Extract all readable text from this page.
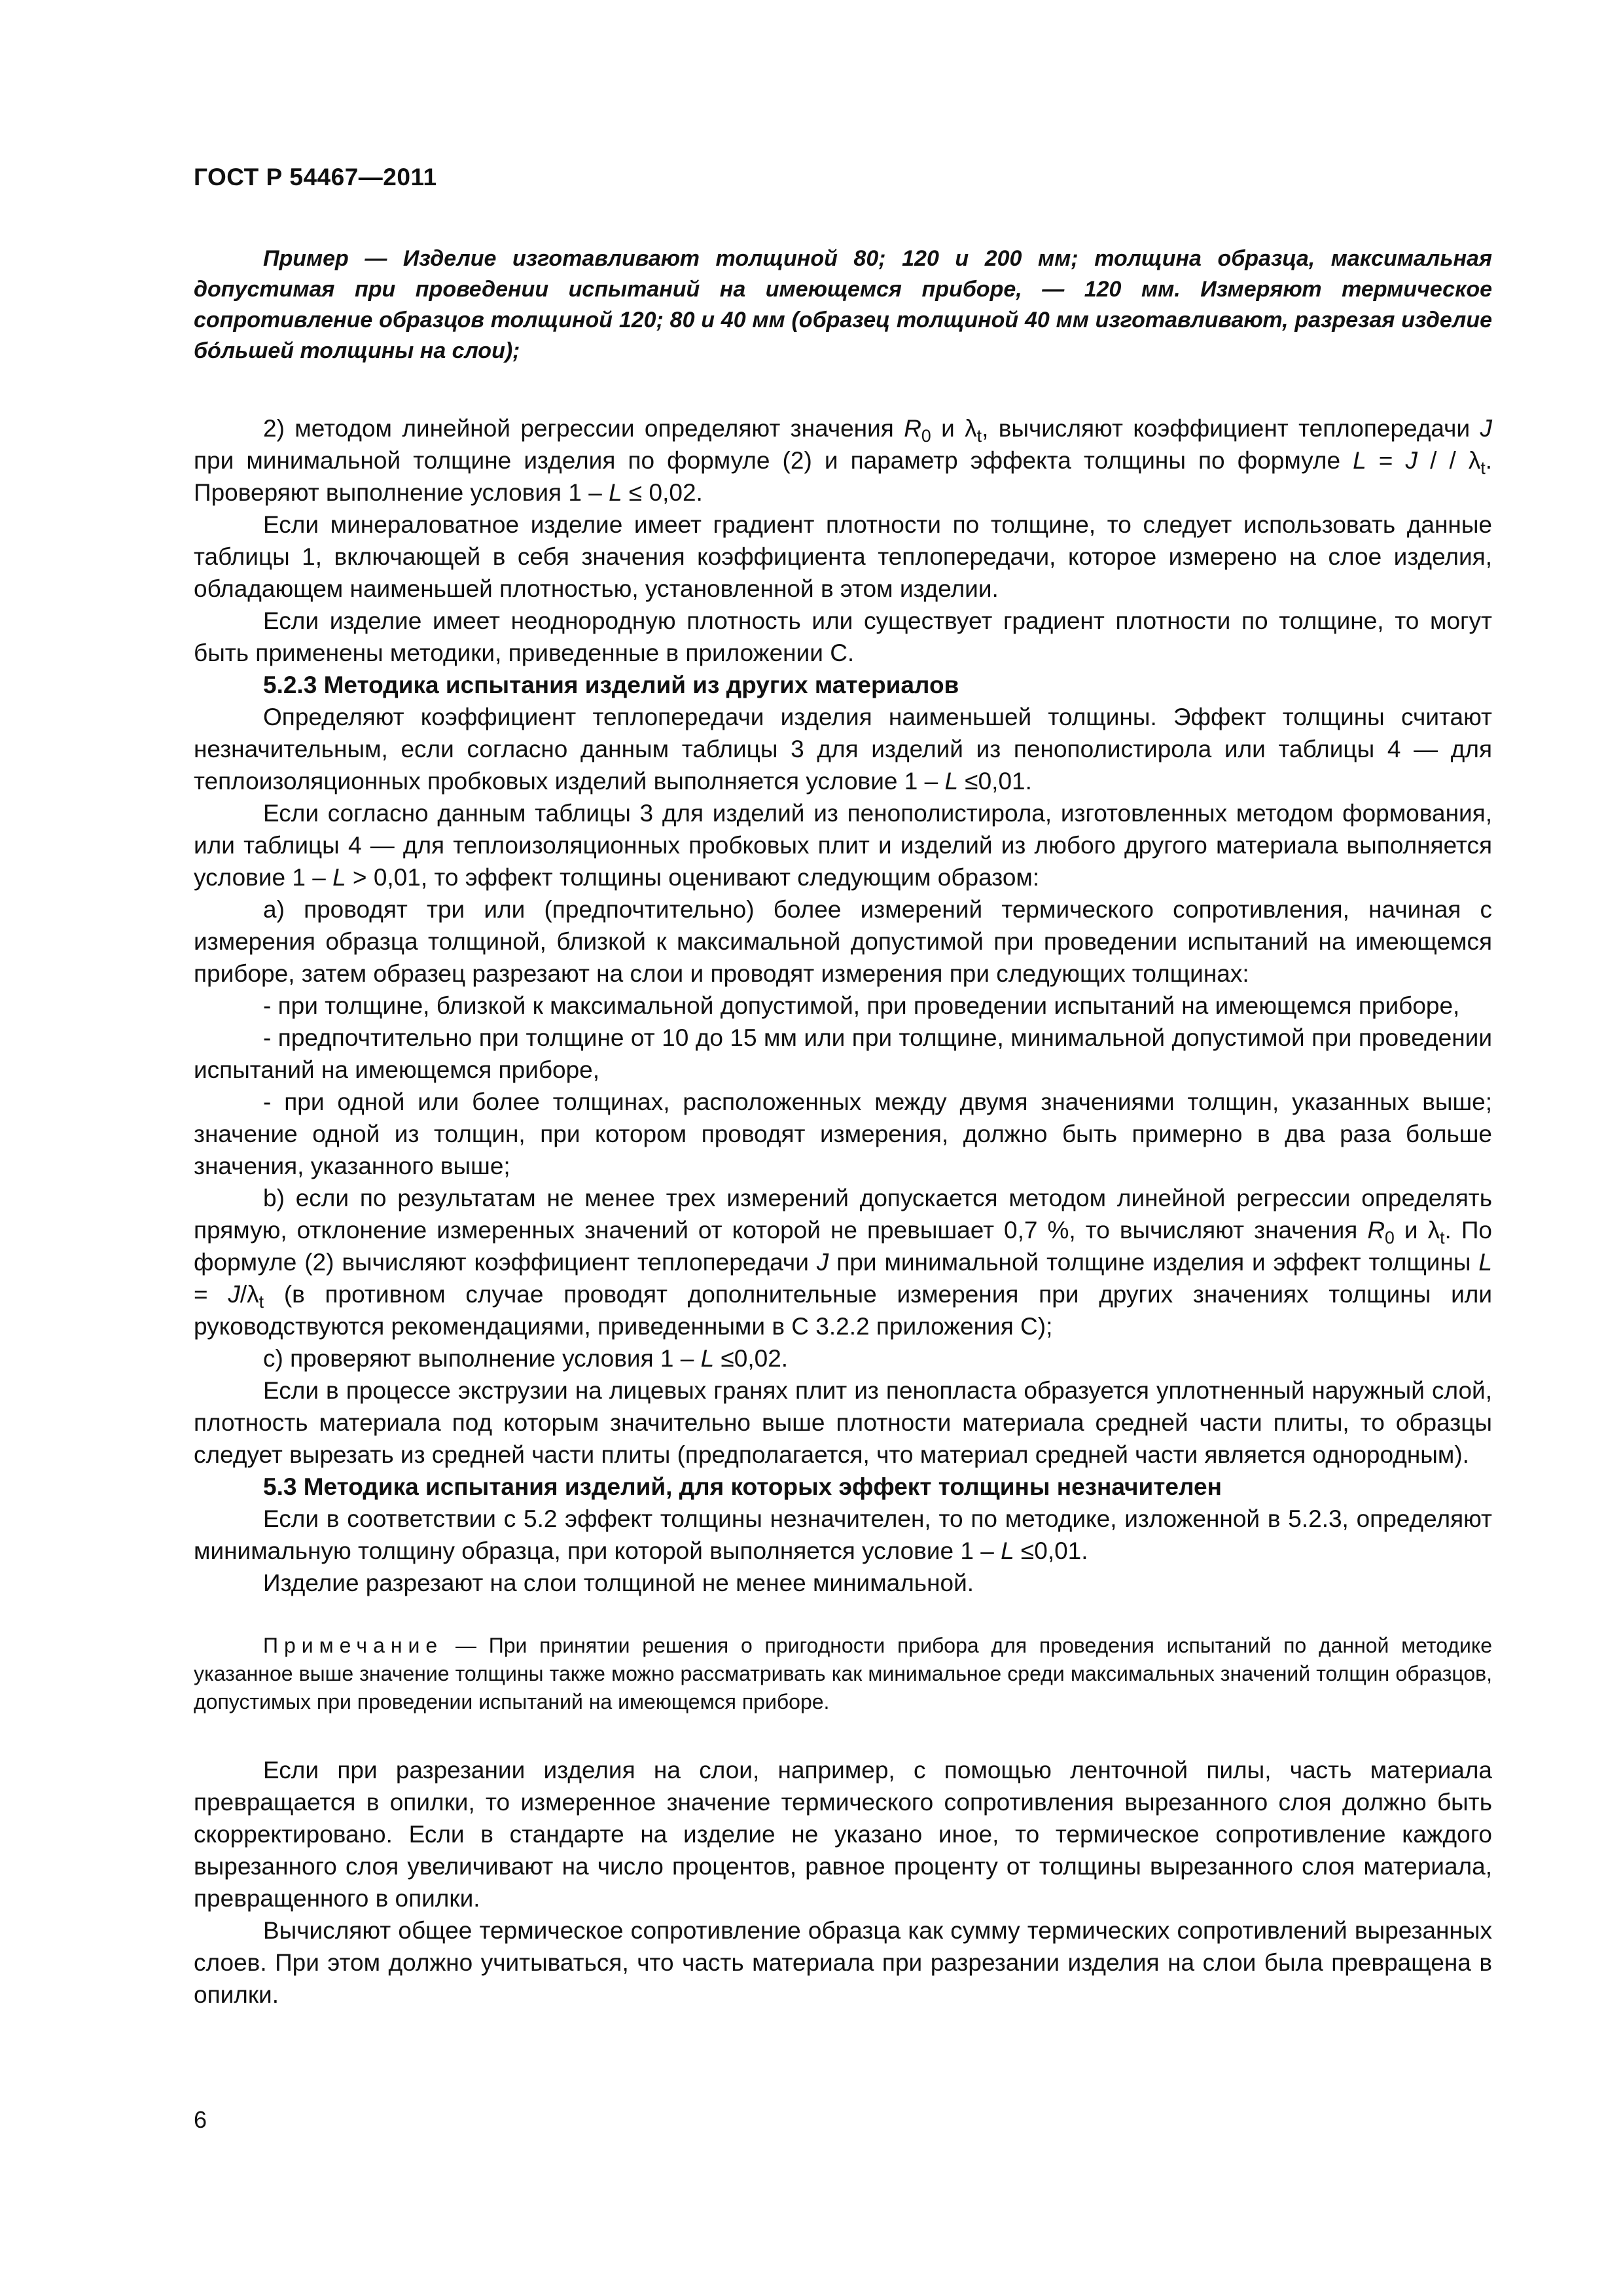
ГОСТ Р 54467—2011

Пример — Изделие изготавливают толщиной 80; 120 и 200 мм; толщина образца, максимальная допустимая при проведении испытаний на имеющемся приборе, — 120 мм. Измеряют термическое сопротивление образцов толщиной 120; 80 и 40 мм (образец толщиной 40 мм изготавливают, разрезая изделие бо́льшей толщины на слои);

2) методом линейной регрессии определяют значения $R_0$ и $\lambda_t$, вычисляют коэффициент теплопередачи J при минимальной толщине изделия по формуле (2) и параметр эффекта толщины по формуле L = J / / $\lambda_t$. Проверяют выполнение условия 1 – L ≤ 0,02.

Если минераловатное изделие имеет градиент плотности по толщине, то следует использовать данные таблицы 1, включающей в себя значения коэффициента теплопередачи, которое измерено на слое изделия, обладающем наименьшей плотностью, установленной в этом изделии.

Если изделие имеет неоднородную плотность или существует градиент плотности по толщине, то могут быть применены методики, приведенные в приложении С.

5.2.3 Методика испытания изделий из других материалов

Определяют коэффициент теплопередачи изделия наименьшей толщины. Эффект толщины считают незначительным, если согласно данным таблицы 3 для изделий из пенополистирола или таблицы 4 — для теплоизоляционных пробковых изделий выполняется условие 1 – L ≤0,01.

Если согласно данным таблицы 3 для изделий из пенополистирола, изготовленных методом формования, или таблицы 4 — для теплоизоляционных пробковых плит и изделий из любого другого материала выполняется условие 1 – L > 0,01, то эффект толщины оценивают следующим образом:

а) проводят три или (предпочтительно) более измерений термического сопротивления, начиная с измерения образца толщиной, близкой к максимальной допустимой при проведении испытаний на имеющемся приборе, затем образец разрезают на слои и проводят измерения при следующих толщинах:

- при толщине, близкой к максимальной допустимой, при проведении испытаний на имеющемся приборе,

- предпочтительно при толщине от 10 до 15 мм или при толщине, минимальной допустимой при проведении испытаний на имеющемся приборе,

- при одной или более толщинах, расположенных между двумя значениями толщин, указанных выше; значение одной из толщин, при котором проводят измерения, должно быть примерно в два раза больше значения, указанного выше;

b) если по результатам не менее трех измерений допускается методом линейной регрессии определять прямую, отклонение измеренных значений от которой не превышает 0,7 %, то вычисляют значения $R_0$ и $\lambda_t$. По формуле (2) вычисляют коэффициент теплопередачи J при минимальной толщине изделия и эффект толщины $L = J/\lambda_t$ (в противном случае проводят дополнительные измерения при других значениях толщины или руководствуются рекомендациями, приведенными в С 3.2.2 приложения С);

с) проверяют выполнение условия 1 – L ≤0,02.

Если в процессе экструзии на лицевых гранях плит из пенопласта образуется уплотненный наружный слой, плотность материала под которым значительно выше плотности материала средней части плиты, то образцы следует вырезать из средней части плиты (предполагается, что материал средней части является однородным).

5.3 Методика испытания изделий, для которых эффект толщины незначителен

Если в соответствии с 5.2 эффект толщины незначителен, то по методике, изложенной в 5.2.3, определяют минимальную толщину образца, при которой выполняется условие 1 – L ≤0,01.

Изделие разрезают на слои толщиной не менее минимальной.

Примечание — При принятии решения о пригодности прибора для проведения испытаний по данной методике указанное выше значение толщины также можно рассматривать как минимальное среди максимальных значений толщин образцов, допустимых при проведении испытаний на имеющемся приборе.

Если при разрезании изделия на слои, например, с помощью ленточной пилы, часть материала превращается в опилки, то измеренное значение термического сопротивления вырезанного слоя должно быть скорректировано. Если в стандарте на изделие не указано иное, то термическое сопротивление каждого вырезанного слоя увеличивают на число процентов, равное проценту от толщины вырезанного слоя материала, превращенного в опилки.

Вычисляют общее термическое сопротивление образца как сумму термических сопротивлений вырезанных слоев. При этом должно учитываться, что часть материала при разрезании изделия на слои была превращена в опилки.

6
